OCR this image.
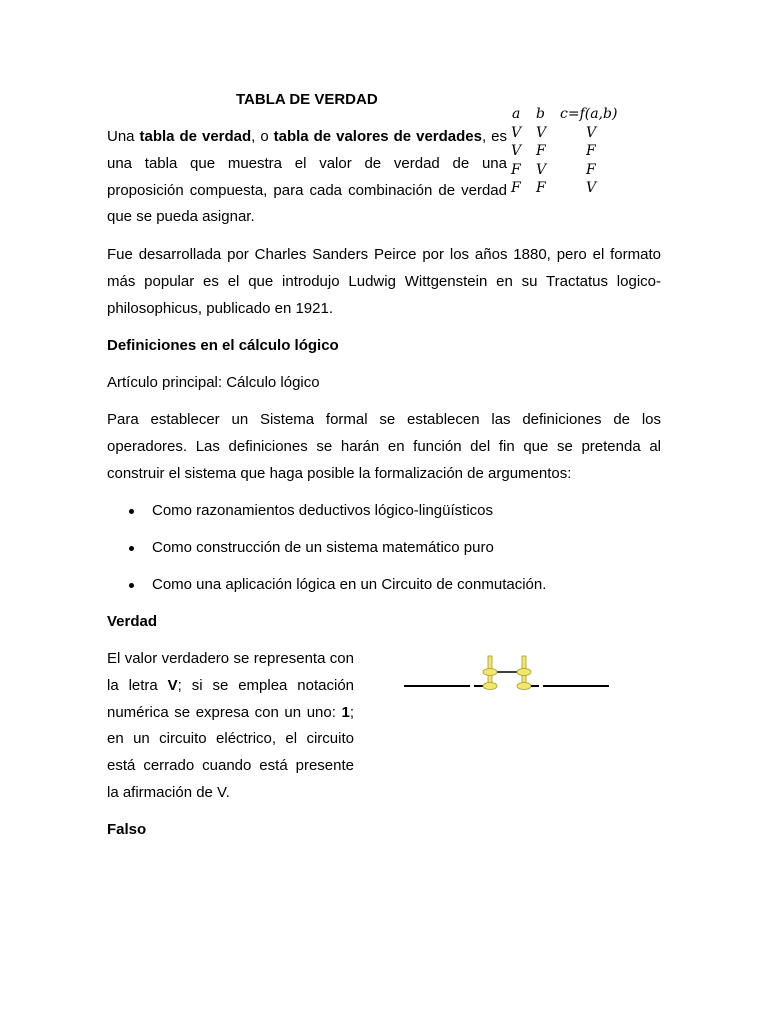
TABLA DE VERDAD

Una tabla de verdad, o tabla de valores de verdades, es una tabla que muestra el valor de verdad de una proposición compuesta, para cada combinación de verdad que se pueda asignar.

a b c=f(a,b)
V V	V
V F	F
F V	F
F F	V

Fue desarrollada por Charles Sanders Peirce por los años 1880, pero el formato más popular es el que introdujo Ludwig Wittgenstein en su Tractatus logico-philosophicus, publicado en 1921.

Definiciones en el cálculo lógico

Artículo principal: Cálculo lógico

Para establecer un Sistema formal se establecen las definiciones de los operadores. Las definiciones se harán en función del fin que se pretenda al construir el sistema que haga posible la formalización de argumentos:

Como razonamientos deductivos lógico-lingüísticos
Como construcción de un sistema matemático puro
Como una aplicación lógica en un Circuito de conmutación.

Verdad

El valor verdadero se representa con la letra V; si se emplea notación numérica se expresa con un uno: 1; en un circuito eléctrico, el circuito está cerrado cuando está presente la afirmación de V.

Falso
